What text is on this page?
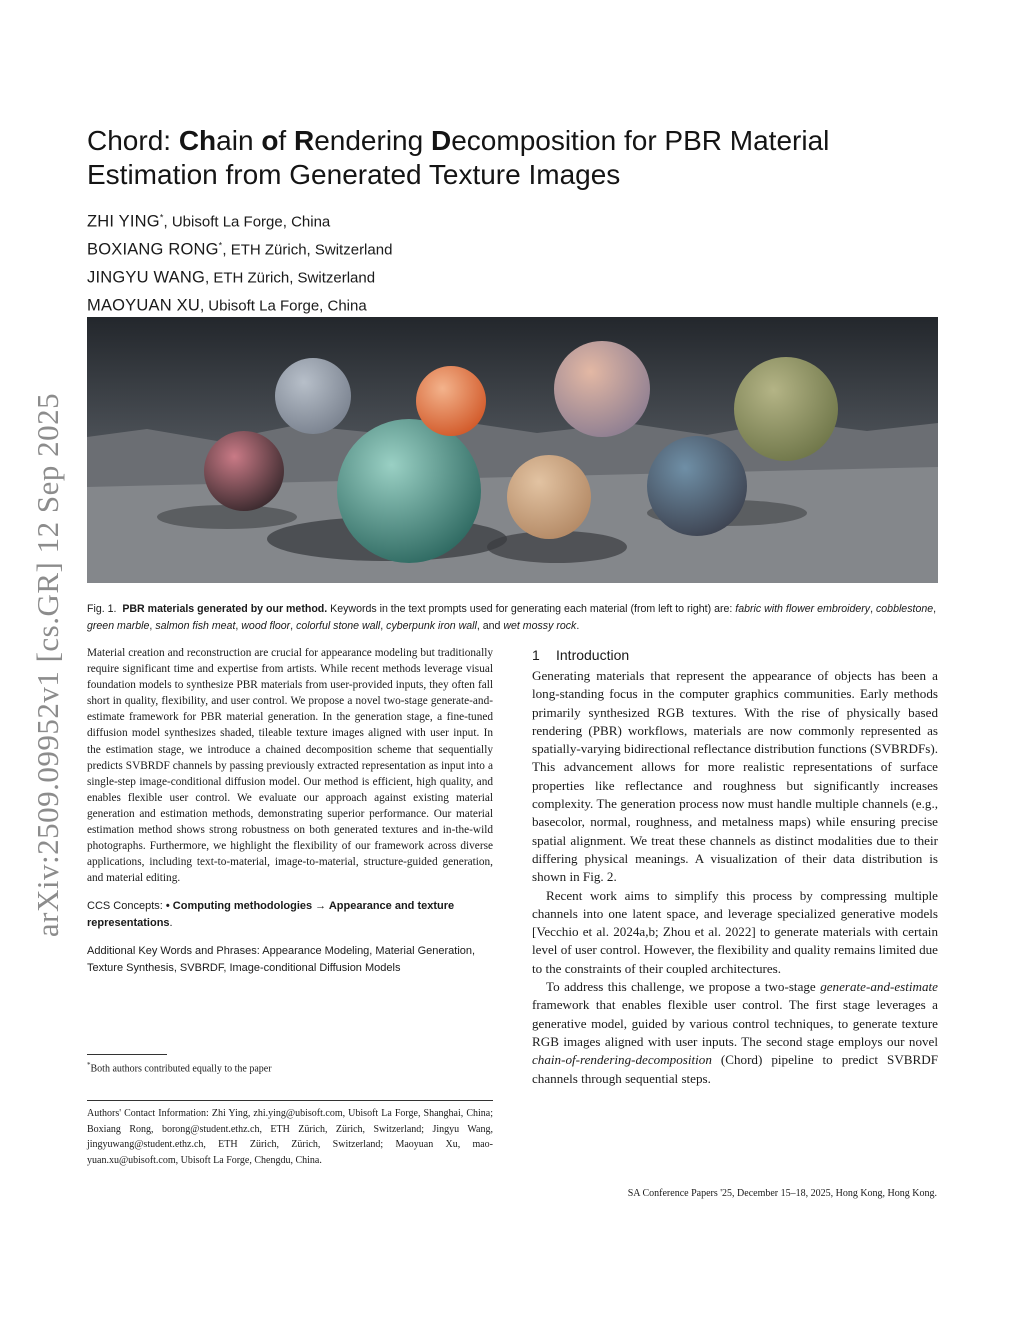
arXiv:2509.09952v1 [cs.GR] 12 Sep 2025
Chord: Chain of Rendering Decomposition for PBR Material Estimation from Generated Texture Images
ZHI YING*, Ubisoft La Forge, China
BOXIANG RONG*, ETH Zürich, Switzerland
JINGYU WANG, ETH Zürich, Switzerland
MAOYUAN XU, Ubisoft La Forge, China

Fig. 1. PBR materials generated by our method. Keywords in the text prompts used for generating each material (from left to right) are: fabric with flower embroidery, cobblestone, green marble, salmon fish meat, wood floor, colorful stone wall, cyberpunk iron wall, and wet mossy rock.

Material creation and reconstruction are crucial for appearance modeling but traditionally require significant time and expertise from artists. While recent methods leverage visual foundation models to synthesize PBR materials from user-provided inputs, they often fall short in quality, flexibility, and user control. We propose a novel two-stage generate-and-estimate framework for PBR material generation. In the generation stage, a fine-tuned diffusion model synthesizes shaded, tileable texture images aligned with user input. In the estimation stage, we introduce a chained decomposition scheme that sequentially predicts SVBRDF channels by passing previously extracted representation as input into a single-step image-conditional diffusion model. Our method is efficient, high quality, and enables flexible user control. We evaluate our approach against existing material generation and estimation methods, demonstrating superior performance. Our material estimation method shows strong robustness on both generated textures and in-the-wild photographs. Furthermore, we highlight the flexibility of our framework across diverse applications, including text-to-material, image-to-material, structure-guided generation, and material editing.

CCS Concepts: • Computing methodologies → Appearance and texture representations.

Additional Key Words and Phrases: Appearance Modeling, Material Generation, Texture Synthesis, SVBRDF, Image-conditional Diffusion Models

*Both authors contributed equally to the paper

Authors' Contact Information: Zhi Ying, zhi.ying@ubisoft.com, Ubisoft La Forge, Shanghai, China; Boxiang Rong, borong@student.ethz.ch, ETH Zürich, Zürich, Switzerland; Jingyu Wang, jingyuwang@student.ethz.ch, ETH Zürich, Zürich, Switzerland; Maoyuan Xu, mao-yuan.xu@ubisoft.com, Ubisoft La Forge, Chengdu, China.

1 Introduction

Generating materials that represent the appearance of objects has been a long-standing focus in the computer graphics communities. Early methods primarily synthesized RGB textures. With the rise of physically based rendering (PBR) workflows, materials are now commonly represented as spatially-varying bidirectional reflectance distribution functions (SVBRDFs). This advancement allows for more realistic representations of surface properties like reflectance and roughness but significantly increases complexity. The generation process now must handle multiple channels (e.g., basecolor, normal, roughness, and metalness maps) while ensuring precise spatial alignment. We treat these channels as distinct modalities due to their differing physical meanings. A visualization of their data distribution is shown in Fig. 2.

Recent work aims to simplify this process by compressing multiple channels into one latent space, and leverage specialized generative models [Vecchio et al. 2024a,b; Zhou et al. 2022] to generate materials with certain level of user control. However, the flexibility and quality remains limited due to the constraints of their coupled architectures.

To address this challenge, we propose a two-stage generate-and-estimate framework that enables flexible user control. The first stage leverages a generative model, guided by various control techniques, to generate texture RGB images aligned with user inputs. The second stage employs our novel chain-of-rendering-decomposition (Chord) pipeline to predict SVBRDF channels through sequential steps.

SA Conference Papers '25, December 15–18, 2025, Hong Kong, Hong Kong.
